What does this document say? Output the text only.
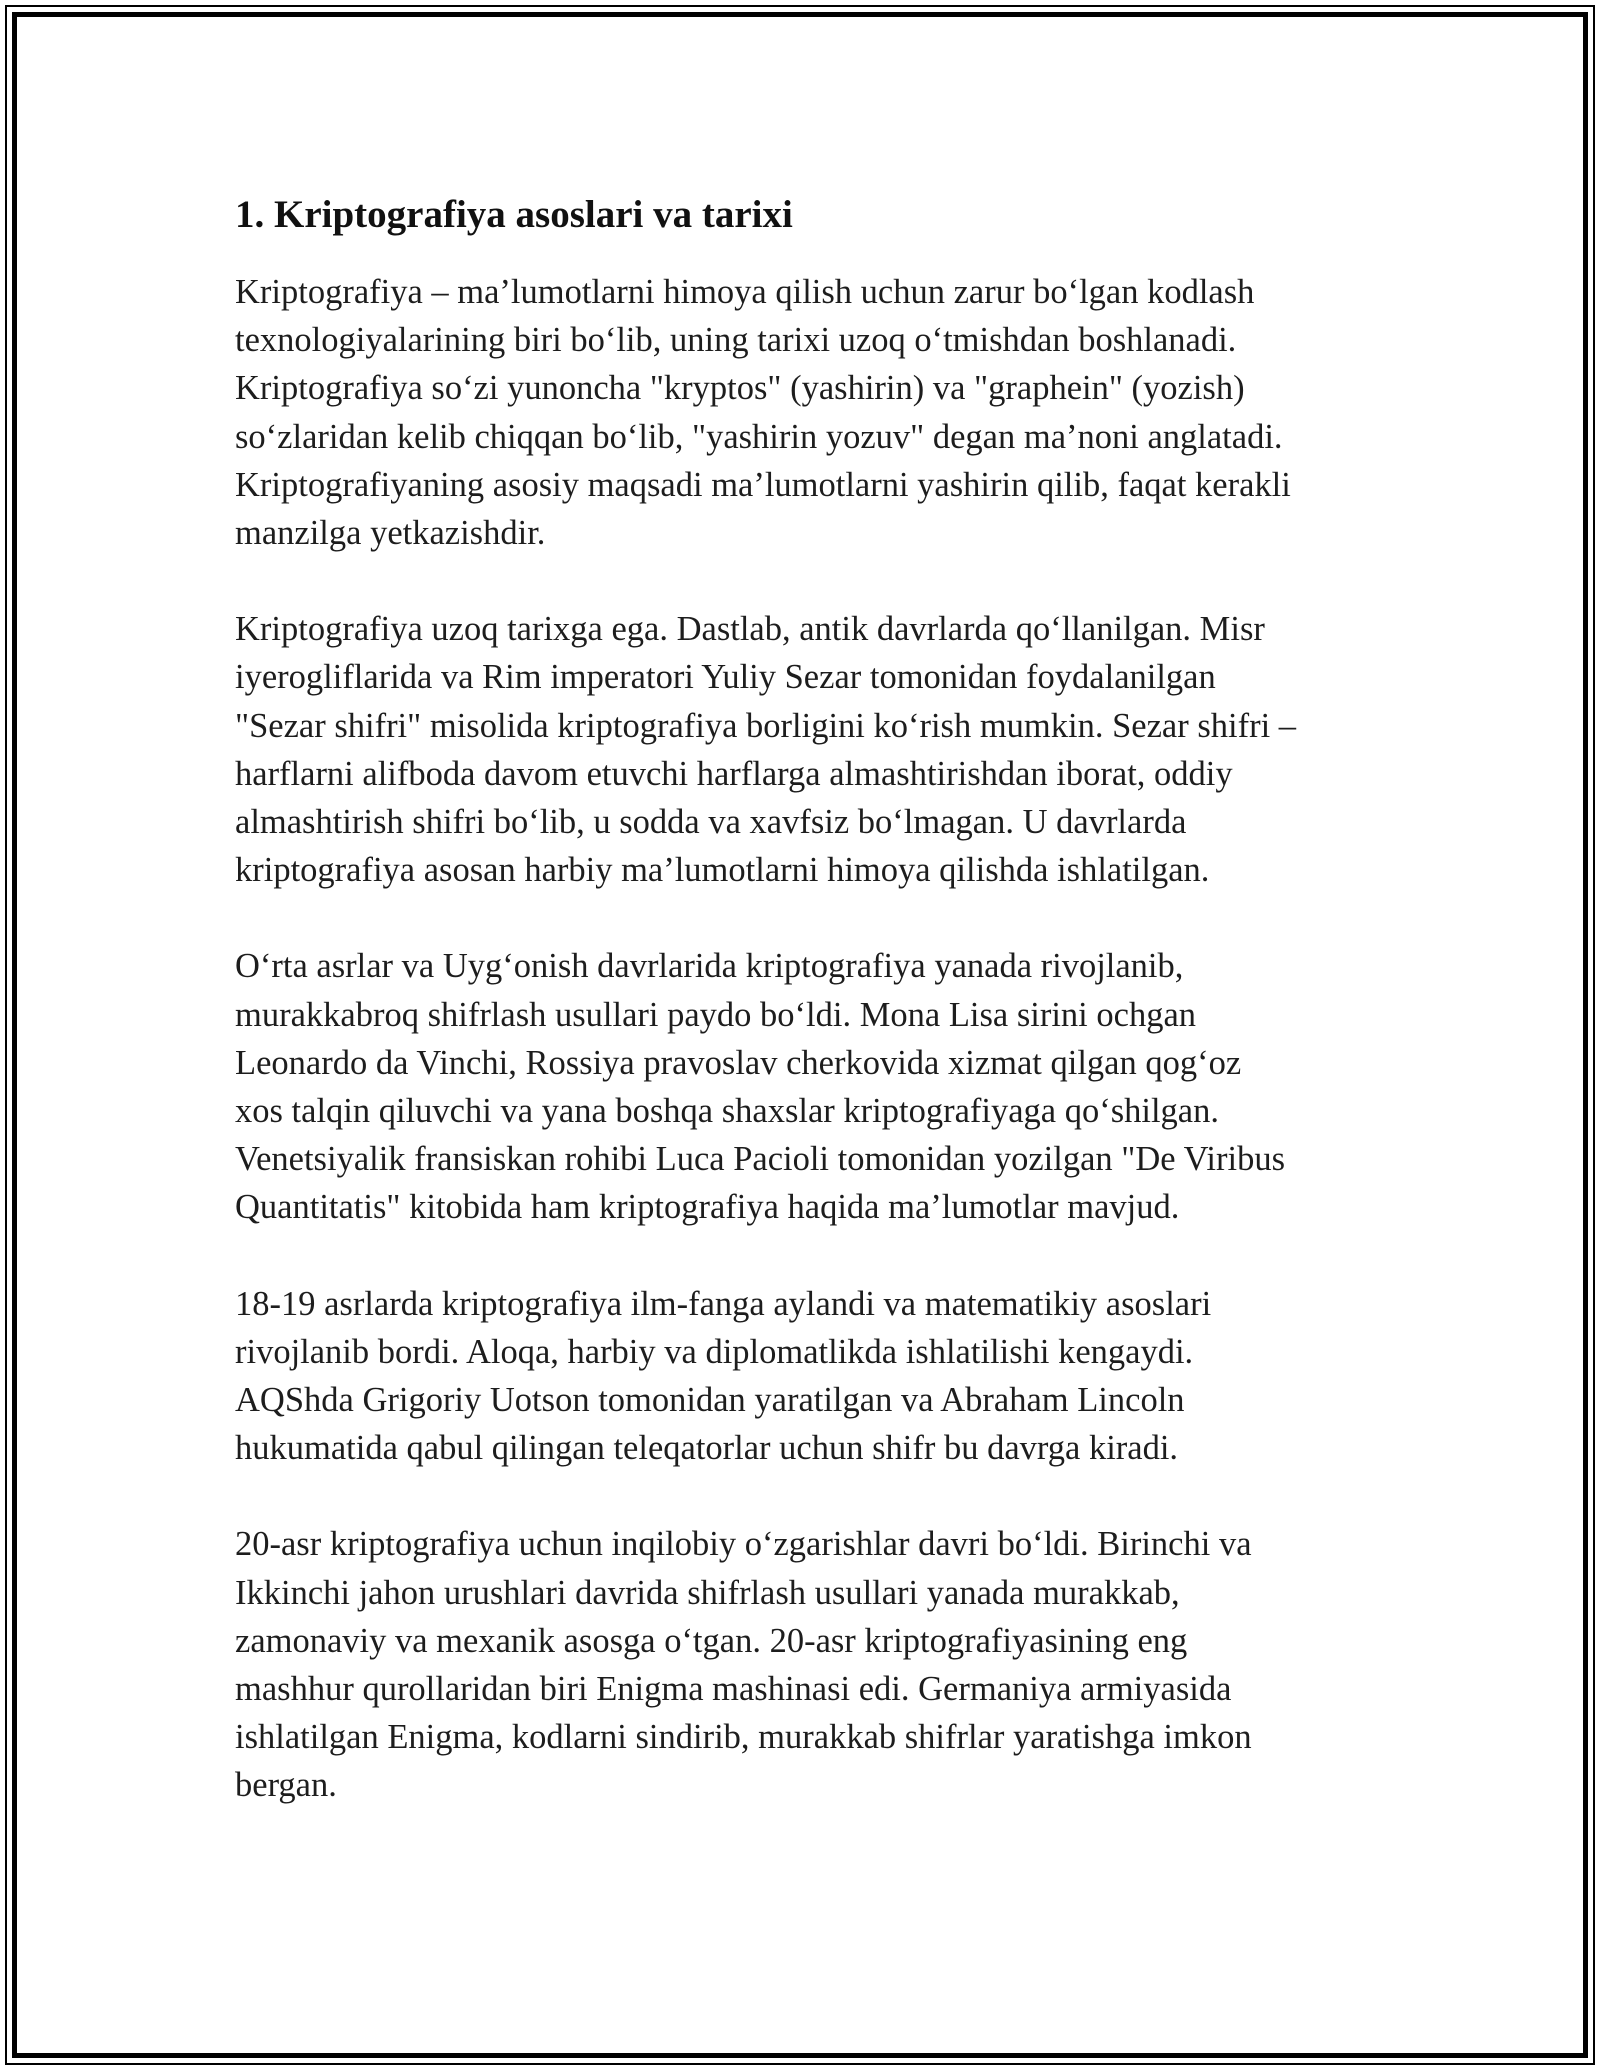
1. Kriptografiya asoslari va tarixi

Kriptografiya – ma’lumotlarni himoya qilish uchun zarur bo‘lgan kodlash
texnologiyalarining biri bo‘lib, uning tarixi uzoq o‘tmishdan boshlanadi.
Kriptografiya so‘zi yunoncha "kryptos" (yashirin) va "graphein" (yozish)
so‘zlaridan kelib chiqqan bo‘lib, "yashirin yozuv" degan ma’noni anglatadi.
Kriptografiyaning asosiy maqsadi ma’lumotlarni yashirin qilib, faqat kerakli
manzilga yetkazishdir.

Kriptografiya uzoq tarixga ega. Dastlab, antik davrlarda qo‘llanilgan. Misr
iyerogliflarida va Rim imperatori Yuliy Sezar tomonidan foydalanilgan
"Sezar shifri" misolida kriptografiya borligini ko‘rish mumkin. Sezar shifri –
harflarni alifboda davom etuvchi harflarga almashtirishdan iborat, oddiy
almashtirish shifri bo‘lib, u sodda va xavfsiz bo‘lmagan. U davrlarda
kriptografiya asosan harbiy ma’lumotlarni himoya qilishda ishlatilgan.

O‘rta asrlar va Uyg‘onish davrlarida kriptografiya yanada rivojlanib,
murakkabroq shifrlash usullari paydo bo‘ldi. Mona Lisa sirini ochgan
Leonardo da Vinchi, Rossiya pravoslav cherkovida xizmat qilgan qog‘oz
xos talqin qiluvchi va yana boshqa shaxslar kriptografiyaga qo‘shilgan.
Venetsiyalik fransiskan rohibi Luca Pacioli tomonidan yozilgan "De Viribus
Quantitatis" kitobida ham kriptografiya haqida ma’lumotlar mavjud.

18-19 asrlarda kriptografiya ilm-fanga aylandi va matematikiy asoslari
rivojlanib bordi. Aloqa, harbiy va diplomatlikda ishlatilishi kengaydi.
AQShda Grigoriy Uotson tomonidan yaratilgan va Abraham Lincoln
hukumatida qabul qilingan teleqatorlar uchun shifr bu davrga kiradi.

20-asr kriptografiya uchun inqilobiy o‘zgarishlar davri bo‘ldi. Birinchi va
Ikkinchi jahon urushlari davrida shifrlash usullari yanada murakkab,
zamonaviy va mexanik asosga o‘tgan. 20-asr kriptografiyasining eng
mashhur qurollaridan biri Enigma mashinasi edi. Germaniya armiyasida
ishlatilgan Enigma, kodlarni sindirib, murakkab shifrlar yaratishga imkon
bergan.
